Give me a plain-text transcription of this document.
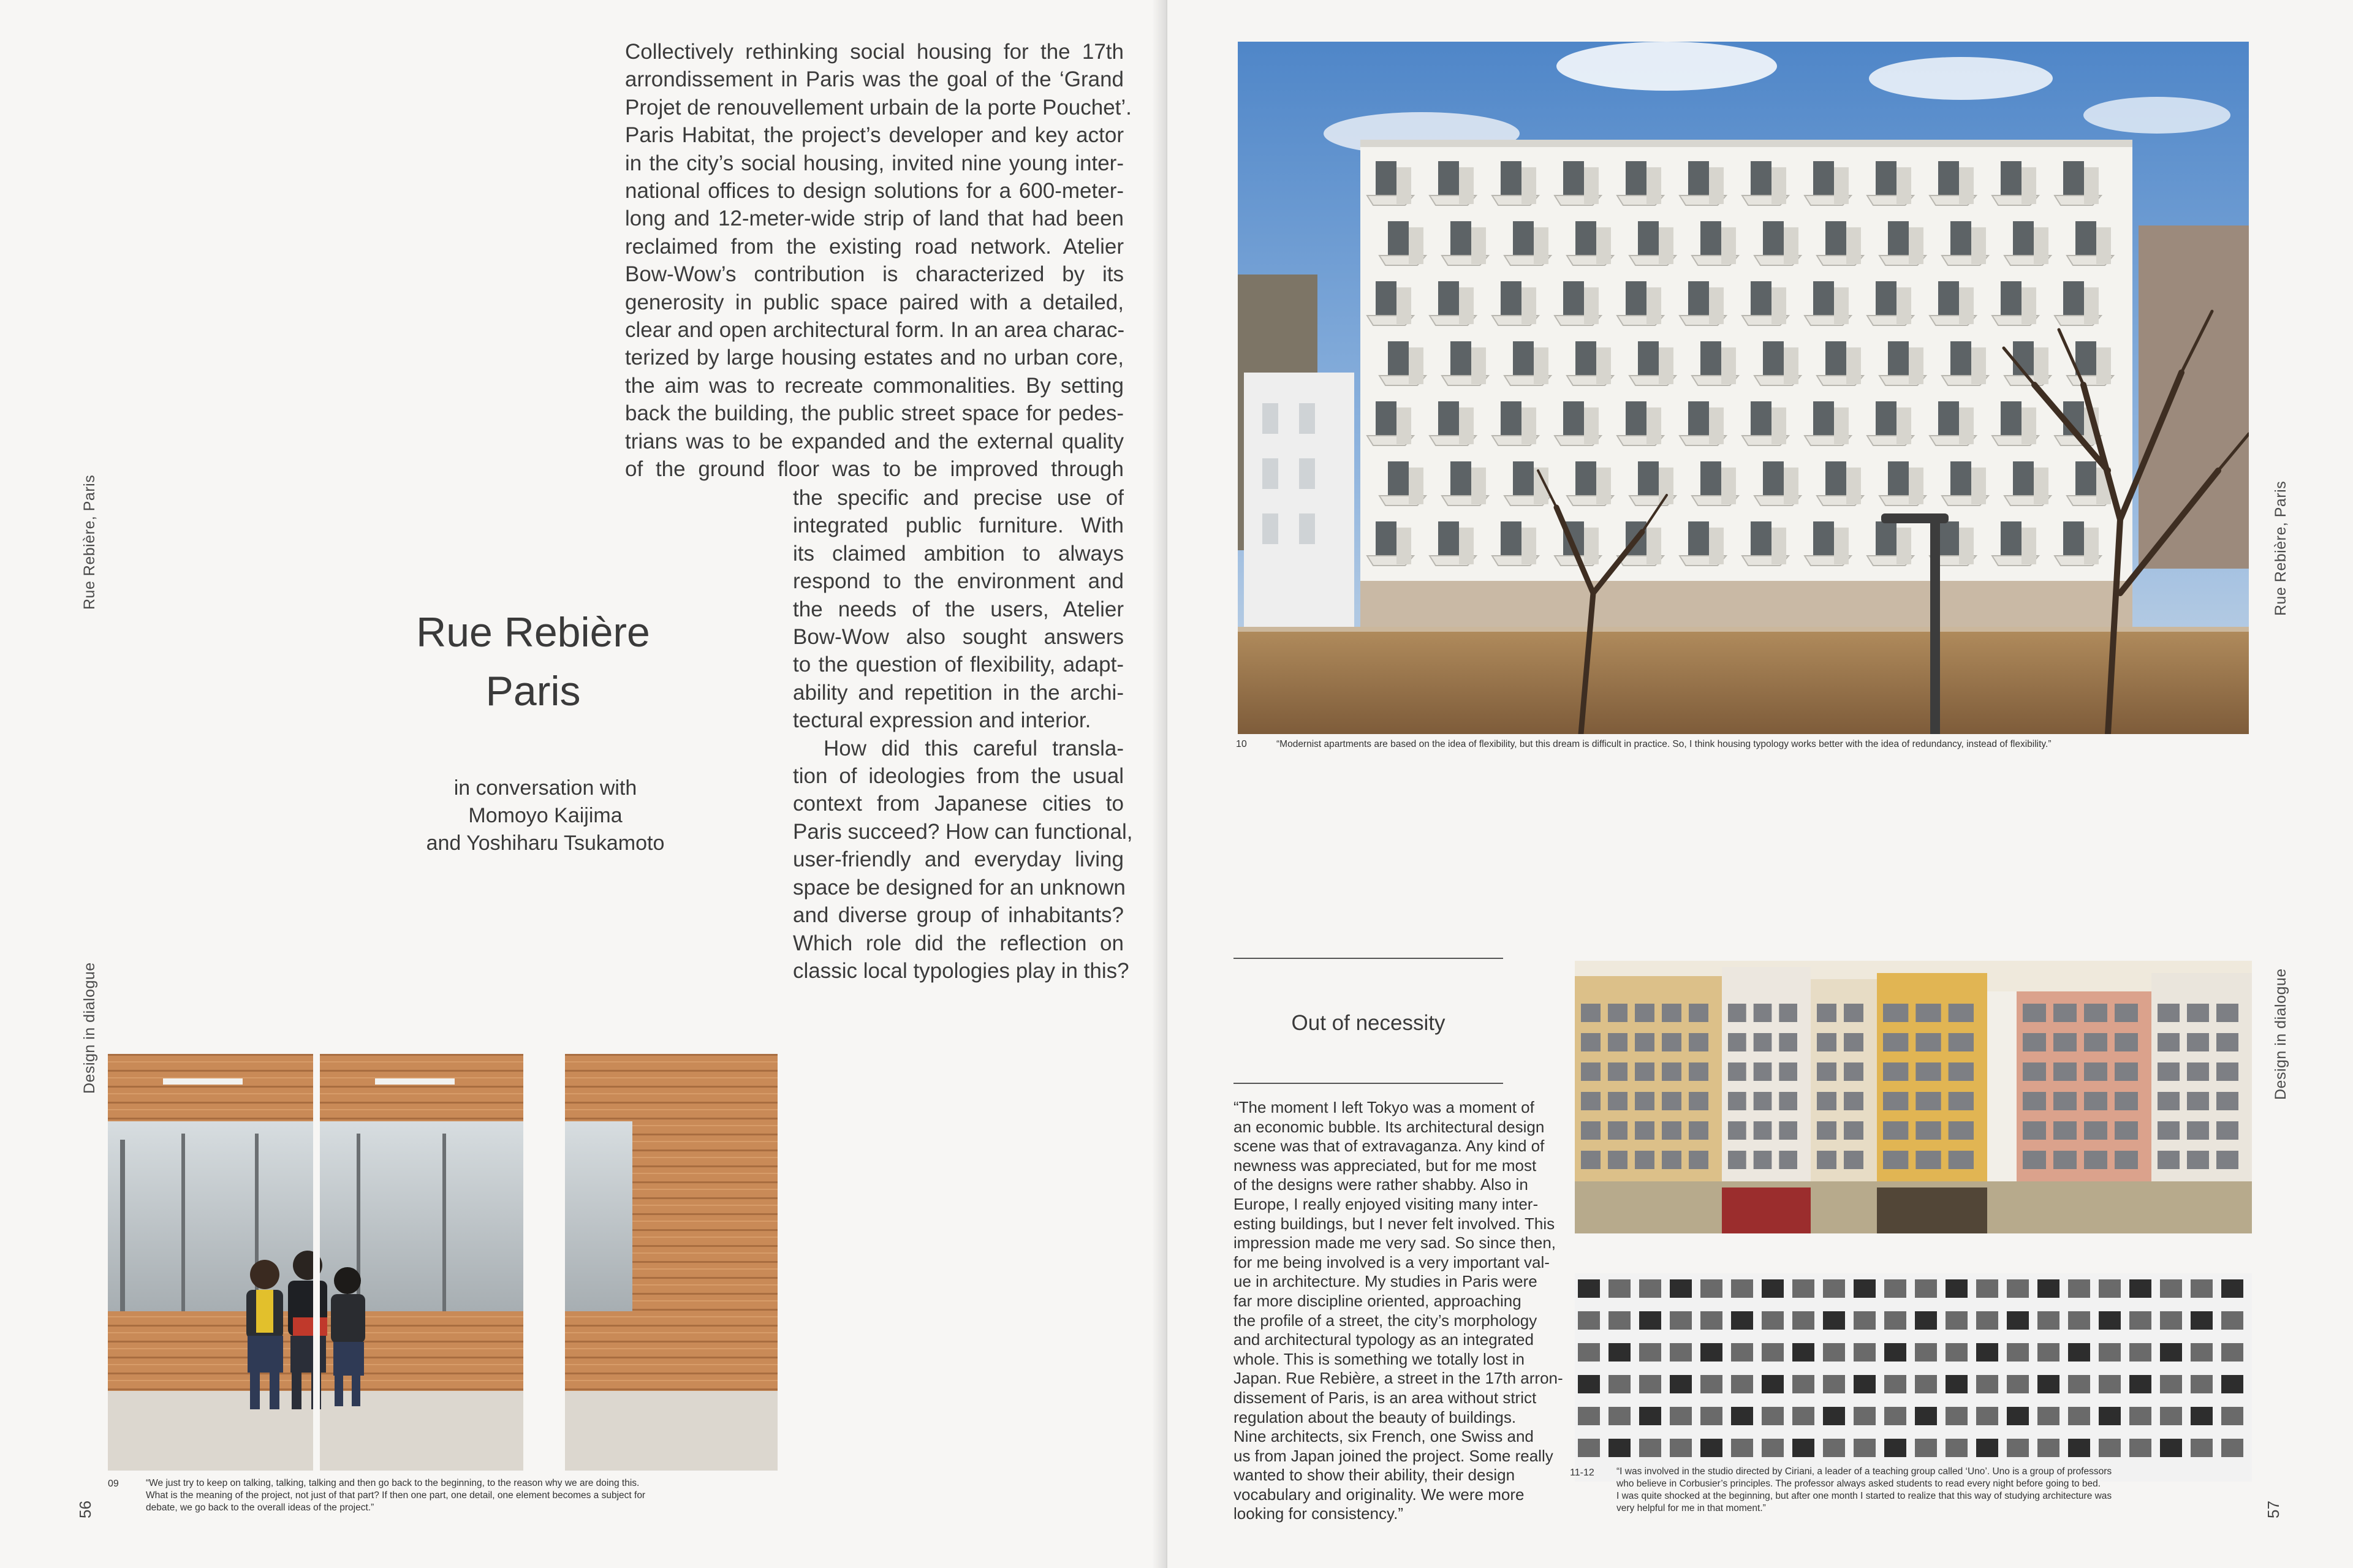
Rue Rebière, Paris
Design in dialogue
56
Collectively rethinking social housing for the 17th
arrondissement in Paris was the goal of the ‘Grand
Projet de renouvellement urbain de la porte Pouchet’.
Paris Habitat, the project’s developer and key actor
in the city’s social housing, invited nine young inter-
national offices to design solutions for a 600-meter-
long and 12-meter-wide strip of land that had been
reclaimed from the existing road network. Atelier
Bow-Wow’s contribution is characterized by its
generosity in public space paired with a detailed,
clear and open architectural form. In an area charac-
terized by large housing estates and no urban core,
the aim was to recreate commonalities. By setting
back the building, the public street space for pedes-
trians was to be expanded and the external quality
of the ground floor was to be improved through
the specific and precise use of
integrated public furniture. With
its claimed ambition to always
respond to the environment and
the needs of the users, Atelier
Bow-Wow also sought answers
to the question of flexibility, adapt-
ability and repetition in the archi-
tectural expression and interior.
How did this careful transla-
tion of ideologies from the usual
context from Japanese cities to
Paris succeed? How can functional,
user-friendly and everyday living
space be designed for an unknown
and diverse group of inhabitants?
Which role did the reflection on
classic local typologies play in this?
Rue Rebière
Paris
in conversation with
Momoyo Kaijima
and Yoshiharu Tsukamoto
09	“We just try to keep on talking, talking, talking and then go back to the beginning, to the reason why we are doing this.
What is the meaning of the project, not just of that part? If then one part, one detail, one element becomes a subject for
debate, we go back to the overall ideas of the project.”
10	“Modernist apartments are based on the idea of flexibility, but this dream is difficult in practice. So, I think housing typology works better with the idea of redundancy, instead of flexibility.”
Rue Rebière, Paris
Design in dialogue
Out of necessity
“The moment I left Tokyo was a moment of
an economic bubble. Its architectural design
scene was that of extravaganza. Any kind of
newness was appreciated, but for me most
of the designs were rather shabby. Also in
Europe, I really enjoyed visiting many inter-
esting buildings, but I never felt involved. This
impression made me very sad. So since then,
for me being involved is a very important val-
ue in architecture. My studies in Paris were
far more discipline oriented, approaching
the profile of a street, the city’s morphology
and architectural typology as an integrated
whole. This is something we totally lost in
Japan. Rue Rebière, a street in the 17th arron-
dissement of Paris, is an area without strict
regulation about the beauty of buildings.
Nine architects, six French, one Swiss and
us from Japan joined the project. Some really
wanted to show their ability, their design
vocabulary and originality. We were more
looking for consistency.”
11-12 “I was involved in the studio directed by Ciriani, a leader of a teaching group called ‘Uno’. Uno is a group of professors
who believe in Corbusier’s principles. The professor always asked students to read every night before going to bed.
I was quite shocked at the beginning, but after one month I started to realize that this way of studying architecture was
very helpful for me in that moment.”	57
